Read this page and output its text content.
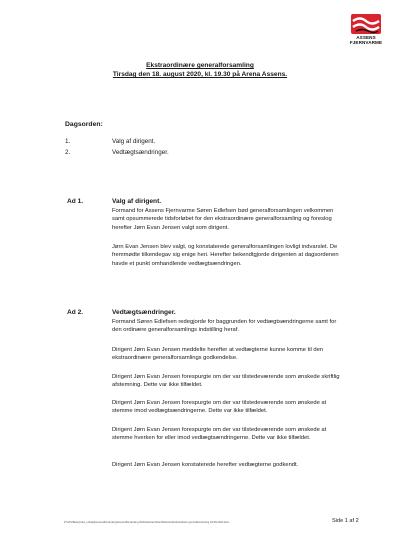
ASSENS
FJERNVARME
Ekstraordinære generalforsamling
Tirsdag den 18. august 2020, kl. 19.30 på Arena Assens.
Dagsorden:
1.	Valg af dirigent.
2.	Vedtægtsændringer.
Ad 1.	Valg af dirigent.
Formand for Assens Fjernvarme Søren Edlefsen bød generalforsamlingen velkommen samt opsummerede tidsforløbet for den ekstraordinære generalforsamling og foreslog herefter Jørn Evan Jensen valgt som dirigent.
Jørn Evan Jensen blev valgt, og konstaterede generalforsamlingen lovligt indvarslet. De fremmødte tilkendegav sig enige heri. Herefter bekendtgjorde dirigenten at dagsordenen havde et punkt omhandlende vedtægtsændringen.
Ad 2.	Vedtægtsændringer.
Formand Søren Edlefsen redegjorde for baggrunden for vedtægtsændringerne samt for den ordinære generalforsamlings indstilling heraf.
Dirigent Jørn Evan Jensen meddelte herefter at vedtægterne kunne komme til den ekstraordinære generalforsamlings godkendelse.
Dirigent Jørn Evan Jensen forespurgte om der var tilstedeværende som ønskede skriftlig afstemning. Dette var ikke tilfældet.
Dirigent Jørn Evan Jensen forespurgte om der var tilstedeværende som ønskede at stemme imod vedtægtsændringerne. Dette var ikke tilfældet.
Dirigent Jørn Evan Jensen forespurgte om der var tilstedeværende som ønskede at stemme hverken for eller imod vedtægtsændringerne. Dette var ikke tilfældet.
Dirigent Jørn Evan Jensen konstaterede herefter vedtægterne godkendt.
P:\AFV\Bestyrelse_Udvalg\Generalforsamling\Generalforsamling 2020\ekstraordinær\Referat Ekstraordinær generalforsamling 18-08-2020.docx	Side 1 af 2
